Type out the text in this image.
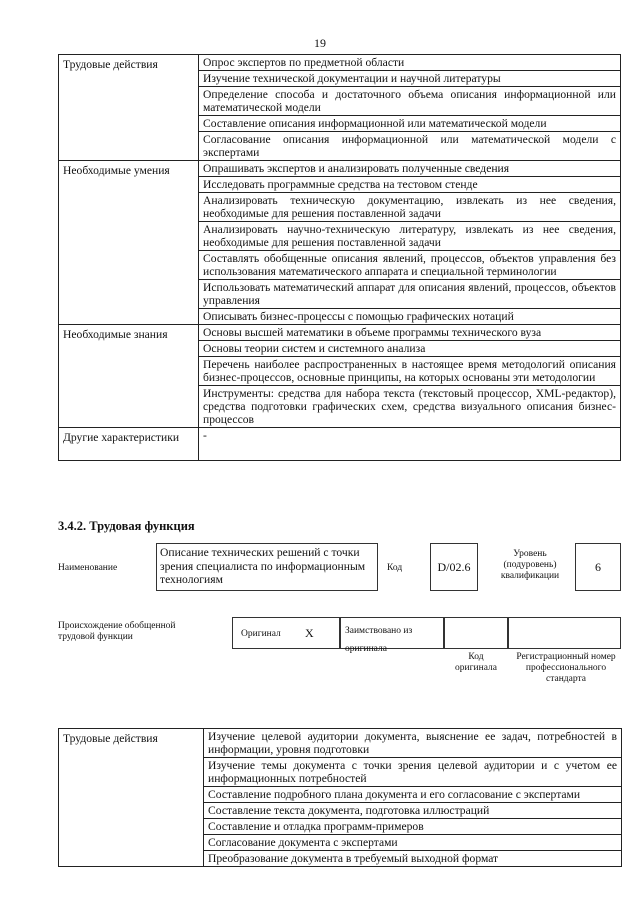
19
Трудовые действия	Опрос экспертов по предметной области
	Изучение технической документации и научной литературы
	Определение способа и достаточного объема описания информационной или математической модели
	Составление описания информационной или математической модели
	Согласование описания информационной или математической модели с экспертами
Необходимые умения	Опрашивать экспертов и анализировать полученные сведения
	Исследовать программные средства на тестовом стенде
	Анализировать техническую документацию, извлекать из нее сведения, необходимые для решения поставленной задачи
	Анализировать научно-техническую литературу, извлекать из нее сведения, необходимые для решения поставленной задачи
	Составлять обобщенные описания явлений, процессов, объектов управления без использования математического аппарата и специальной терминологии
	Использовать математический аппарат для описания явлений, процессов, объектов управления
	Описывать бизнес-процессы с помощью графических нотаций
Необходимые знания	Основы высшей математики в объеме программы технического вуза
	Основы теории систем и системного анализа
	Перечень наиболее распространенных в настоящее время методологий описания бизнес-процессов, основные принципы, на которых основаны эти методологии
	Инструменты: средства для набора текста (текстовый процессор, XML-редактор), средства подготовки графических схем, средства визуального описания бизнес-процессов
Другие характеристики	-
3.4.2. Трудовая функция
Наименование
Описание технических решений с точки зрения специалиста по информационным технологиям
Код	D/02.6
Уровень (подуровень) квалификации
6
Происхождение обобщенной трудовой функции	Оригинал X	Заимствовано из оригинала
Код оригинала
Регистрационный номер профессионального стандарта
Трудовые действия	Изучение целевой аудитории документа, выяснение ее задач, потребностей в информации, уровня подготовки
Изучение темы документа с точки зрения целевой аудитории и с учетом ее информационных потребностей
Составление подробного плана документа и его согласование с экспертами
Составление текста документа, подготовка иллюстраций
Составление и отладка программ-примеров
Согласование документа с экспертами
Преобразование документа в требуемый выходной формат
